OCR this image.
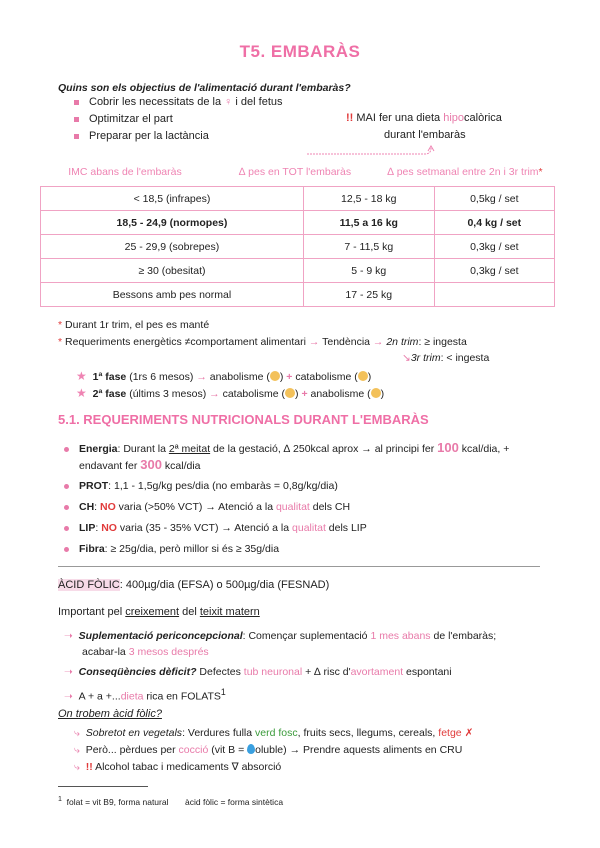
T5. EMBARÀS
Quins son els objectius de l'alimentació durant l'embaràs?
Cobrir les necessitats de la ♀ i del fetus
Optimitzar el part
Preparar per la lactància
!! MAI fer una dieta hipocalòrica
durant l'embaràs
IMC abans de l'embaràs	∆ pes en TOT l'embaràs	∆ pes setmanal entre 2n i 3r trim*
< 18,5 (infrapes)	12,5 - 18 kg	0,5kg / set
18,5 - 24,9 (normopes)	11,5 a 16 kg	0,4 kg / set
25 - 29,9 (sobrepes)	7 - 11,5 kg	0,3kg / set
≥ 30 (obesitat)	5 - 9 kg	0,3kg / set
Bessons amb pes normal	17 - 25 kg	
* Durant 1r trim, el pes es manté
* Requeriments energètics ≠comportament alimentari → Tendència → 2n trim: ≥ ingesta
↘3r trim: < ingesta
★ 1ª fase (1rs 6 mesos) → anabolisme ( ) + catabolisme ( )
★ 2ª fase (últims 3 mesos) → catabolisme ( ) + anabolisme ( )
5.1. REQUERIMENTS NUTRICIONALS DURANT L'EMBARÀS
Energia: Durant la 2ª meitat de la gestació, ∆ 250kcal aprox → al principi fer 100 kcal/dia, +
endavant fer 300 kcal/dia
PROT: 1,1 - 1,5g/kg pes/dia (no embaràs = 0,8g/kg/dia)
CH: NO varia (>50% VCT) → Atenció a la qualitat dels CH
LIP: NO varia (35 - 35% VCT) → Atenció a la qualitat dels LIP
Fibra: ≥ 25g/dia, però millor si és ≥ 35g/dia
ÀCID FÒLIC: 400µg/dia (EFSA) o 500µg/dia (FESNAD)
Important pel creixement del teixit matern
➝ Suplementació periconcepcional: Començar suplementació 1 mes abans de l'embaràs;
acabar-la 3 mesos després
➝ Conseqüències dèficit? Defectes tub neuronal + ∆ risc d'avortament espontani
➝ A + a +...dieta rica en FOLATS$^1$
On trobem àcid fòlic?
⤷ Sobretot en vegetals: Verdures fulla verd fosc, fruits secs, llegums, cereals, fetge ✗
⤷ Però... pèrdues per cocció (vit B = oluble) → Prendre aquests aliments en CRU
⤷ !! Alcohol tabac i medicaments ∇ absorció
$^1$ folat = vit B9, forma natural       àcid fòlic = forma sintètica
